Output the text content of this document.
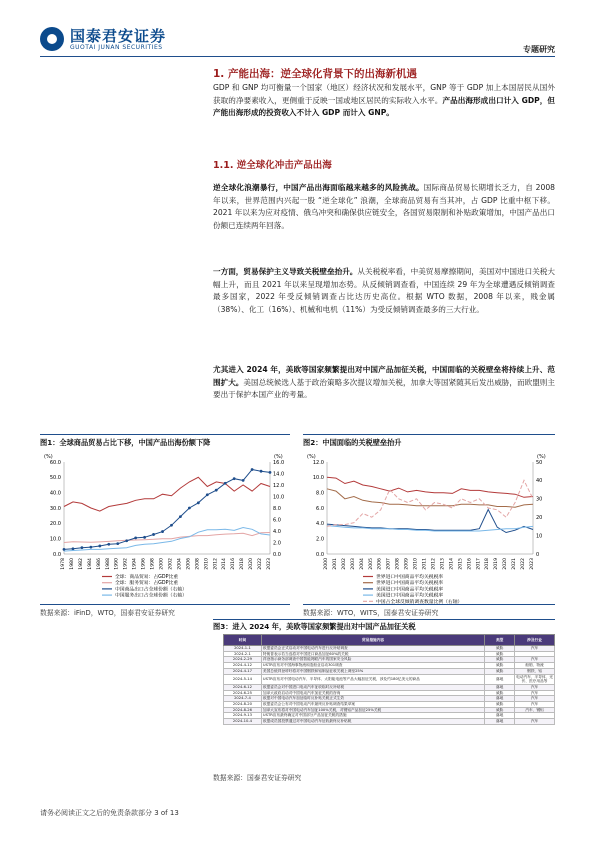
国泰君安证券
GUOTAI JUNAN SECURITIES	专题研究
1. 产能出海：逆全球化背景下的出海新机遇
GDP 和 GNP 均可衡量一个国家（地区）经济状况和发展水平，GNP 等于 GDP 加上本国居民从国外获取的净要素收入，更侧重于反映一国或地区居民的实际收入水平。产品出海形成出口计入 GDP，但产能出海形成的投资收入不计入 GDP 而计入 GNP。
1.1. 逆全球化冲击产品出海
逆全球化浪潮暴行，中国产品出海面临越来越多的风险挑战。国际商品贸易长期增长乏力，自 2008 年以来，世界范围内兴起一股 “逆全球化” 浪潮，全球商品贸易有当其冲，占 GDP 比重中枢下移。2021 年以来为应对疫情、俄乌冲突和确保供应链安全，各国贸易限制和补贴政策增加，中国产品出口份额已连续两年回落。
一方面，贸易保护主义导致关税壁垒抬升。从关税税率看，中美贸易摩擦期间，美国对中国进口关税大幅上升，而且 2021 年以来呈现增加态势。从反倾销调查看，中国连续 29 年为全球遭遇反倾销调查最多国家，2022 年受反倾销调查占比达历史高位。根据 WTO 数据，2008 年以来，贱金属（38%）、化工（16%）、机械和电机（11%）为受反倾销调查最多的三大行业。
尤其进入 2024 年，美欧等国家频繁提出对中国产品加征关税，中国面临的关税壁垒将持续上升、范围扩大。美国总统候选人基于政治策略多次提议增加关税，加拿大等国紧随其后发出威胁，而欧盟则主要出于保护本国产业的考量。
图1：全球商品贸易占比下移，中国产品出海份额下降
(%)	(%)
0.0
10.0
20.0
30.0
40.0
50.0
60.0
0.0
2.0
4.0
6.0
8.0
10.0
12.0
14.0
16.0
1978 1980 1982 1984 1986 1988 1990 1992 1994 1996 1998 2000 2002 2004 2006 2008 2010 2012 2014 2016 2018 2020 2022 2023
全球：商品贸易：占GDP比重
全球：服务贸易：占GDP比重
中国商品出口占全球份额（右轴）
中国服务出口占全球份额（右轴）
数据来源：iFinD，WTO，国泰君安证券研究
图2：中国面临的关税壁垒抬升
(%)	(%)
0.0
2.0
4.0
6.0
8.0
10.0
12.0
0
10
20
30
40
50
2000 2001 2002 2003 2004 2005 2006 2007 2008 2009 2010 2011 2012 2013 2014 2015 2016 2017 2018 2019 2020 2021 2022 2023
世界进口中国商品平均关税税率
世界进口中国商品平均关税税率
美国进口中国商品平均关税税率
美国进口中国商品平均关税税率
中国占全球反倾销调查数量比例（右轴）
数据来源：WTO，WITS，国泰君安证券研究
图3：进入 2024 年，美欧等国家频繁提出对中国产品加征关税
时间	贸易措施内容	类型	涉及行业
2024-1-1	欧盟委员会正式启动对中国电动汽车进行反补贴调查	威胁	汽车
2024-2-1	特朗普表示若当选将对中国进口商品加征60%的关税	威胁	
2024-2-29	拜登指示商务部调查中国智能网联汽车的国家安全风险	威胁	汽车
2024-4-12	USTR宣布对中国海事物流和造船业启动301调查	威胁	船舶、物流
2024-4-17	美国总统拜登呼吁将对中国钢铁和铝制品征收关税上调至25%	威胁	钢铁、铝
2024-5-14	USTR宣布对中国电动汽车、半导体、太阳能电池等产品大幅加征关税，涉及约180亿美元的商品	落地	电动汽车、半导体、光伏、医疗用品等
2024-6-12	欧盟委员会对中国进口电动汽车征收临时反补贴税	落地	汽车
2024-6-25	加拿大政府启动对中国电动汽车加征关税的咨询	威胁	汽车
2024-7-4	欧盟对中国电动汽车加征临时反补贴关税正式生效	落地	汽车
2024-8-20	欧盟委员会公布对中国电动汽车最终反补贴调查结果草案	威胁	汽车
2024-8-26	加拿大宣布将对中国电动汽车加征100%关税，对钢铝产品加征25%关税	威胁	汽车、钢铝
2024-9-13	USTR宣布最终确定对中国部分产品加征关税的措施	落地	
2024-10-4	欧盟成员国投票通过对中国电动汽车征收最终反补贴税	落地	汽车
数据来源：国泰君安证券研究
请务必阅读正文之后的免责条款部分 3 of 13
